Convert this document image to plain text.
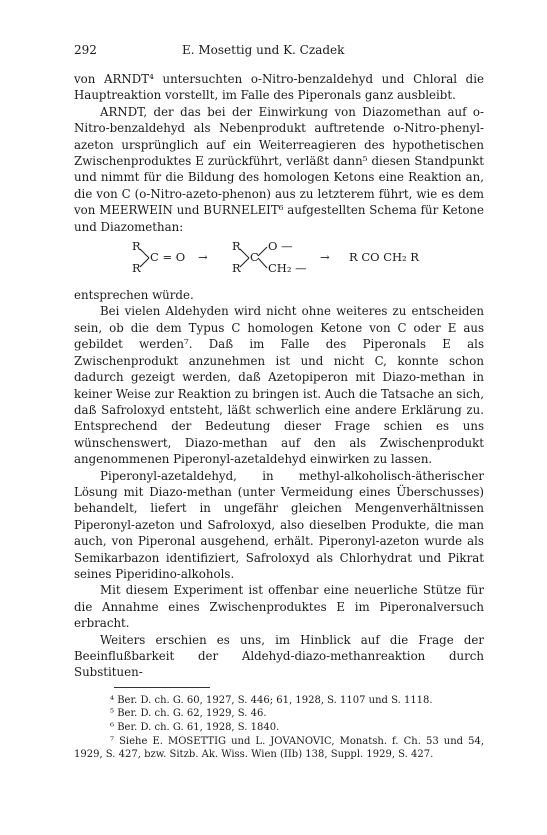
292	E. Mosettig und K. Czadek

von ARNDT⁴ untersuchten o-Nitro-benzaldehyd und Chloral die Hauptreaktion vorstellt, im Falle des Piperonals ganz ausbleibt.

ARNDT, der das bei der Einwirkung von Diazomethan auf o-Nitro-benzaldehyd als Nebenprodukt auftretende o-Nitro-phenyl-azeton ursprünglich auf ein Weiterreagieren des hypothetischen Zwischenproduktes E zurückführt, verläßt dann⁵ diesen Standpunkt und nimmt für die Bildung des homologen Ketons eine Reaktion an, die von C (o-Nitro-azeto-phenon) aus zu letzterem führt, wie es dem von MEERWEIN und BURNELEIT⁶ aufgestellten Schema für Ketone und Diazomethan:

R
R
C = O →
R
R
C
O —
CH₂ —
→ R CO CH₂ R

entsprechen würde.

Bei vielen Aldehyden wird nicht ohne weiteres zu entscheiden sein, ob die dem Typus C homologen Ketone von C oder E aus gebildet werden⁷. Daß im Falle des Piperonals E als Zwischenprodukt anzunehmen ist und nicht C, konnte schon dadurch gezeigt werden, daß Azetopiperon mit Diazo-methan in keiner Weise zur Reaktion zu bringen ist. Auch die Tatsache an sich, daß Safroloxyd entsteht, läßt schwerlich eine andere Erklärung zu. Entsprechend der Bedeutung dieser Frage schien es uns wünschenswert, Diazo-methan auf den als Zwischenprodukt angenommenen Piperonyl-azetaldehyd einwirken zu lassen.

Piperonyl-azetaldehyd, in methyl-alkoholisch-ätherischer Lösung mit Diazo-methan (unter Vermeidung eines Überschusses) behandelt, liefert in ungefähr gleichen Mengenverhältnissen Piperonyl-azeton und Safroloxyd, also dieselben Produkte, die man auch, von Piperonal ausgehend, erhält. Piperonyl-azeton wurde als Semikarbazon identifiziert, Safroloxyd als Chlorhydrat und Pikrat seines Piperidino-alkohols.

Mit diesem Experiment ist offenbar eine neuerliche Stütze für die Annahme eines Zwischenproduktes E im Piperonalversuch erbracht.

Weiters erschien es uns, im Hinblick auf die Frage der Beeinflußbarkeit der Aldehyd-diazo-methanreaktion durch Substituen-

⁴ Ber. D. ch. G. 60, 1927, S. 446; 61, 1928, S. 1107 und S. 1118.

⁵ Ber. D. ch. G. 62, 1929, S. 46.

⁶ Ber. D. ch. G. 61, 1928, S. 1840.

⁷ Siehe E. MOSETTIG und L. JOVANOVIC, Monatsh. f. Ch. 53 und 54, 1929, S. 427, bzw. Sitzb. Ak. Wiss. Wien (IIb) 138, Suppl. 1929, S. 427.
